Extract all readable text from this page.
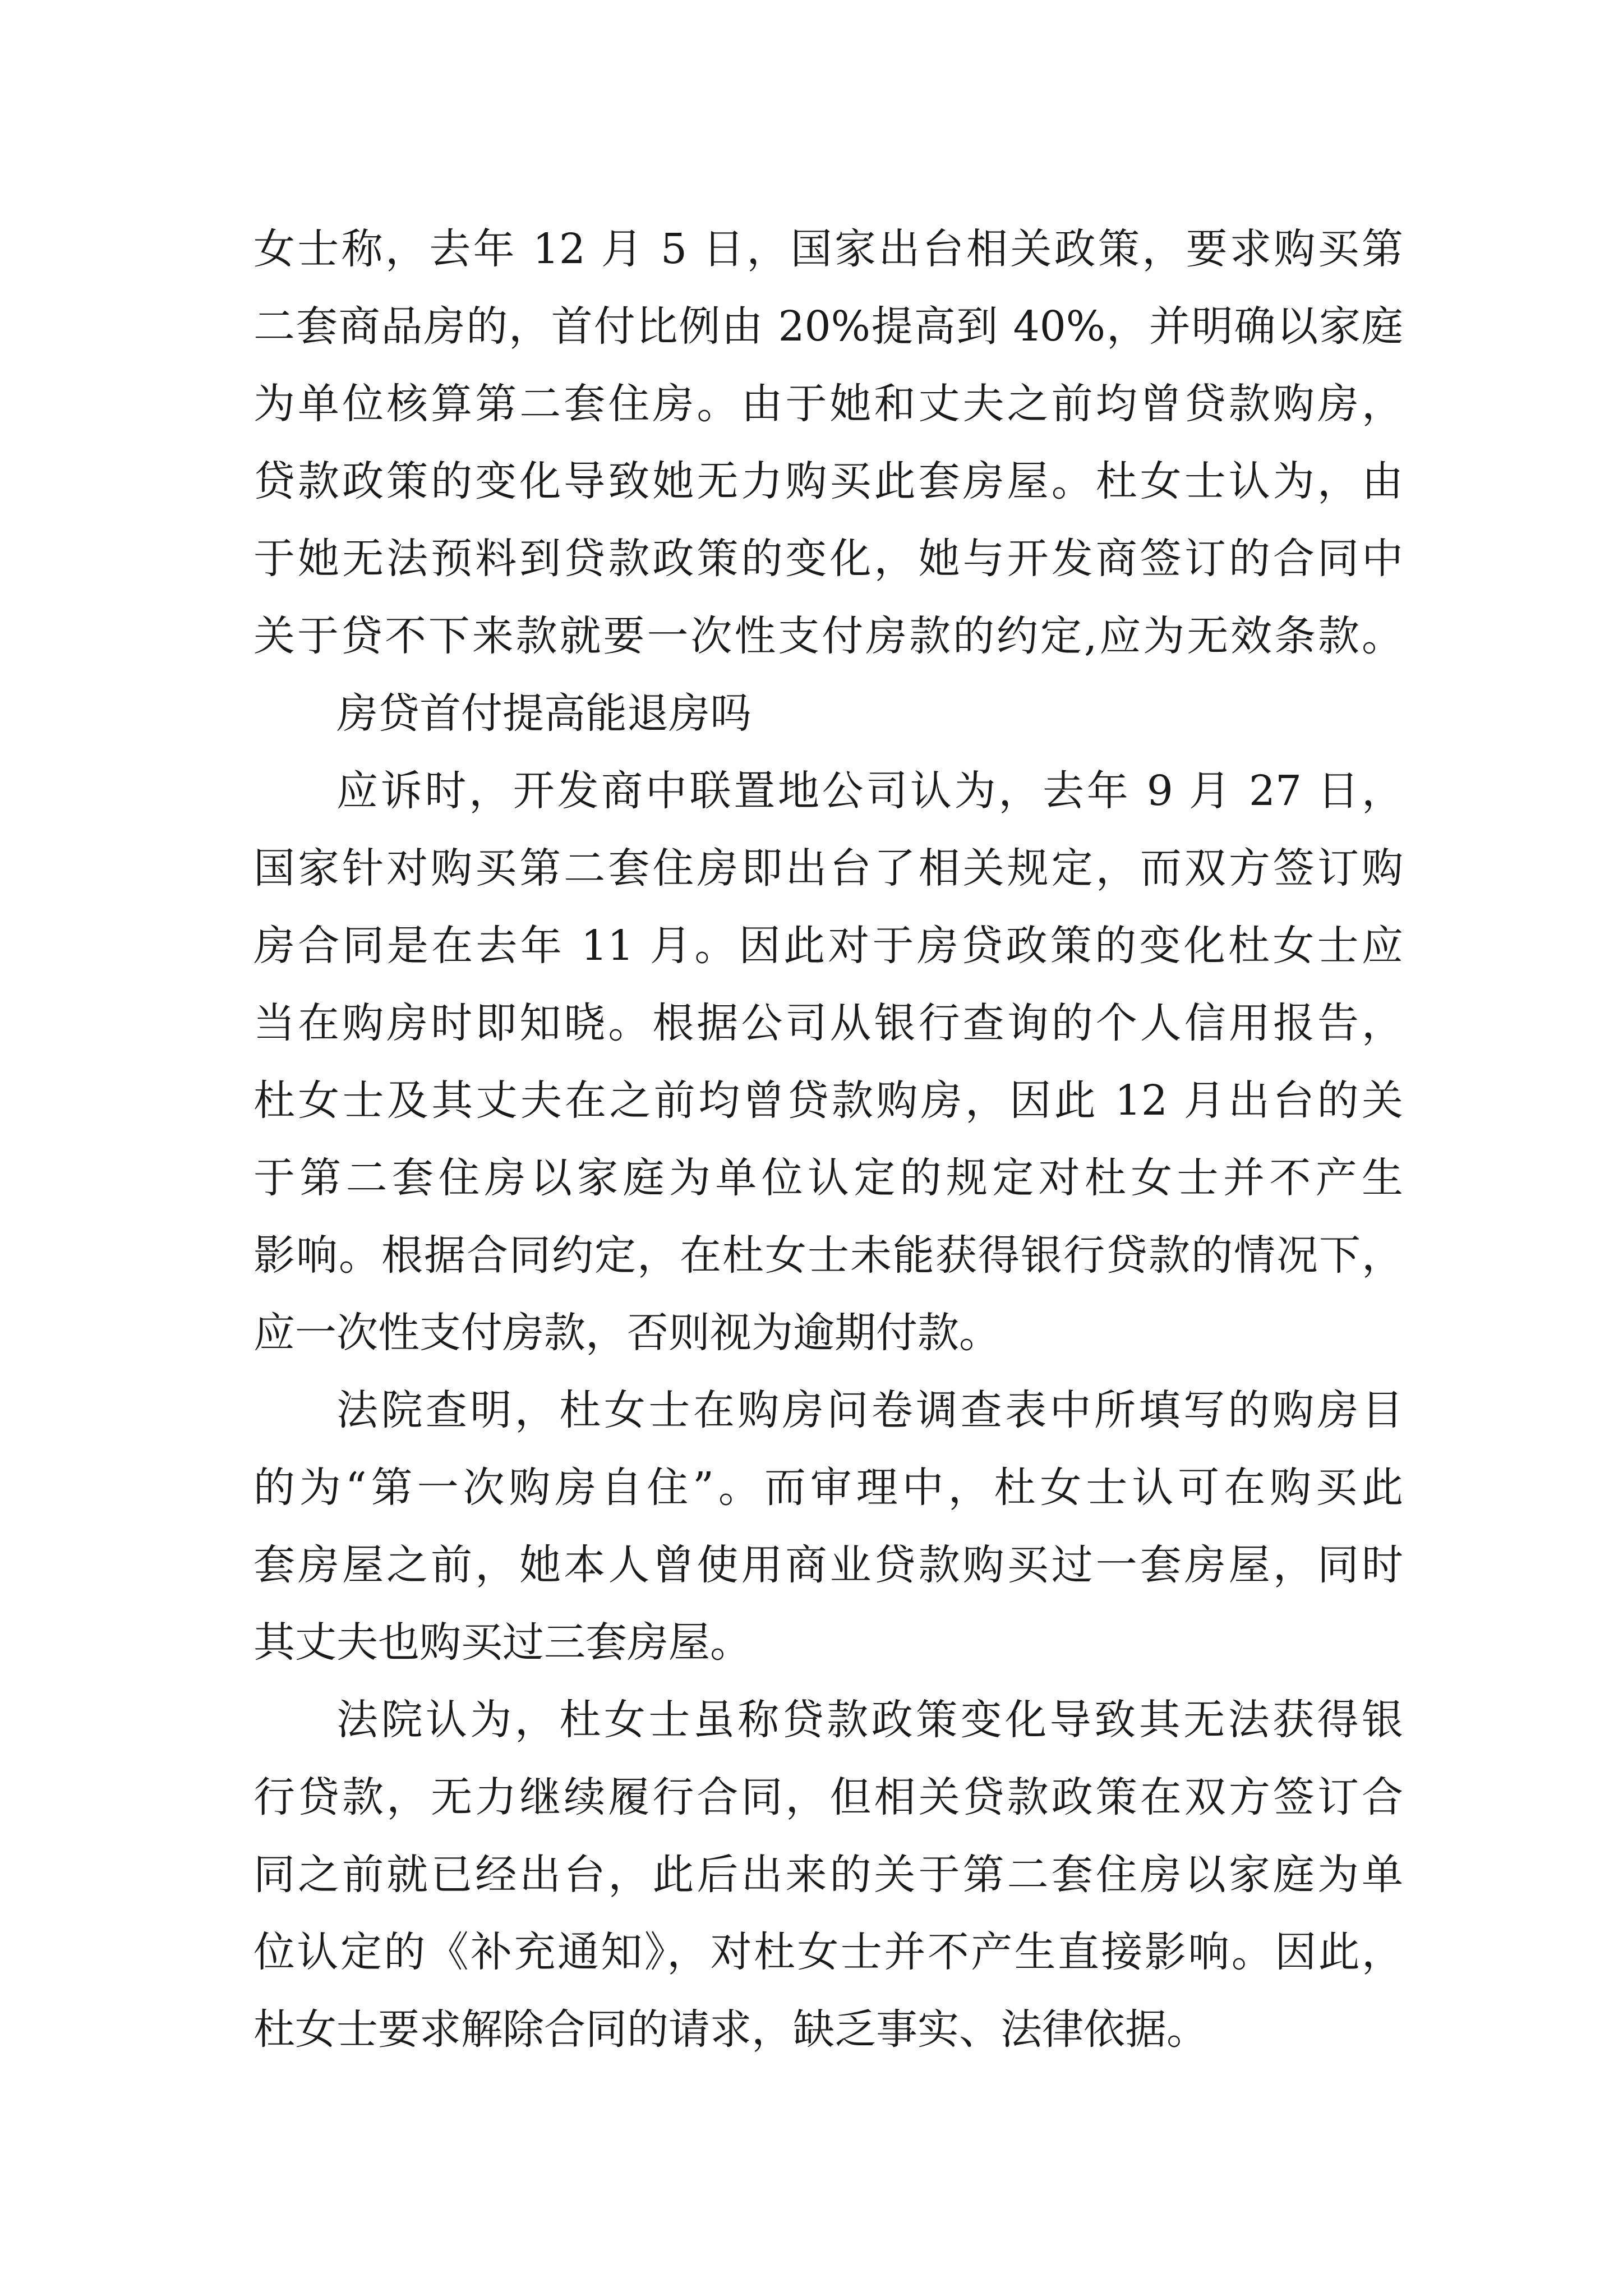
女士称，去年 12 月 5 日，国家出台相关政策，要求购买第
二套商品房的，首付比例由 20%提高到 40%，并明确以家庭
为单位核算第二套住房。由于她和丈夫之前均曾贷款购房，
贷款政策的变化导致她无力购买此套房屋。杜女士认为，由
于她无法预料到贷款政策的变化，她与开发商签订的合同中
关于贷不下来款就要一次性支付房款的约定,应为无效条款。
房贷首付提高能退房吗
应诉时，开发商中联置地公司认为，去年 9 月 27 日，
国家针对购买第二套住房即出台了相关规定，而双方签订购
房合同是在去年 11 月。因此对于房贷政策的变化杜女士应
当在购房时即知晓。根据公司从银行查询的个人信用报告，
杜女士及其丈夫在之前均曾贷款购房，因此 12 月出台的关
于第二套住房以家庭为单位认定的规定对杜女士并不产生
影响。根据合同约定，在杜女士未能获得银行贷款的情况下，
应一次性支付房款，否则视为逾期付款。
法院查明，杜女士在购房问卷调查表中所填写的购房目
的为“第一次购房自住”。而审理中，杜女士认可在购买此
套房屋之前，她本人曾使用商业贷款购买过一套房屋，同时
其丈夫也购买过三套房屋。
法院认为，杜女士虽称贷款政策变化导致其无法获得银
行贷款，无力继续履行合同，但相关贷款政策在双方签订合
同之前就已经出台，此后出来的关于第二套住房以家庭为单
位认定的《补充通知》，对杜女士并不产生直接影响。因此，
杜女士要求解除合同的请求，缺乏事实、法律依据。
